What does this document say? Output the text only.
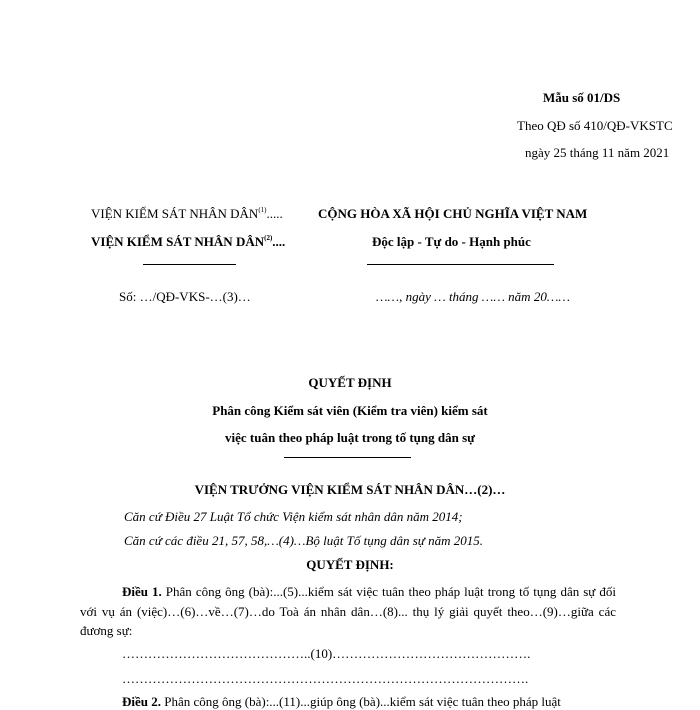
Mẫu số 01/DS
Theo QĐ số 410/QĐ-VKSTC
ngày 25 tháng 11 năm 2021
VIỆN KIỂM SÁT NHÂN DÂN$^{(1)}$.....
VIỆN KIỂM SÁT NHÂN DÂN$^{(2)}$....
Số: …/QĐ-VKS-…(3)…
CỘNG HÒA XÃ HỘI CHỦ NGHĨA VIỆT NAM
Độc lập - Tự do - Hạnh phúc
……, ngày … tháng …… năm 20……
QUYẾT ĐỊNH
Phân công Kiểm sát viên (Kiểm tra viên) kiểm sát
việc tuân theo pháp luật trong tố tụng dân sự
VIỆN TRƯỞNG VIỆN KIỂM SÁT NHÂN DÂN…(2)…
Căn cứ Điều 27 Luật Tổ chức Viện kiểm sát nhân dân năm 2014;
Căn cứ các điều 21, 57, 58,…(4)…Bộ luật Tố tụng dân sự năm 2015.
QUYẾT ĐỊNH:
Điều 1. Phân công ông (bà):...(5)...kiểm sát việc tuân theo pháp luật trong tố tụng dân sự đối với vụ án (việc)…(6)…về…(7)…do Toà án nhân dân…(8)... thụ lý giải quyết theo…(9)…giữa các đương sự:
……………………………………..(10)……………………………………….
………………………………………………………………………………….
Điều 2. Phân công ông (bà):...(11)...giúp ông (bà)...kiểm sát việc tuân theo pháp luật
